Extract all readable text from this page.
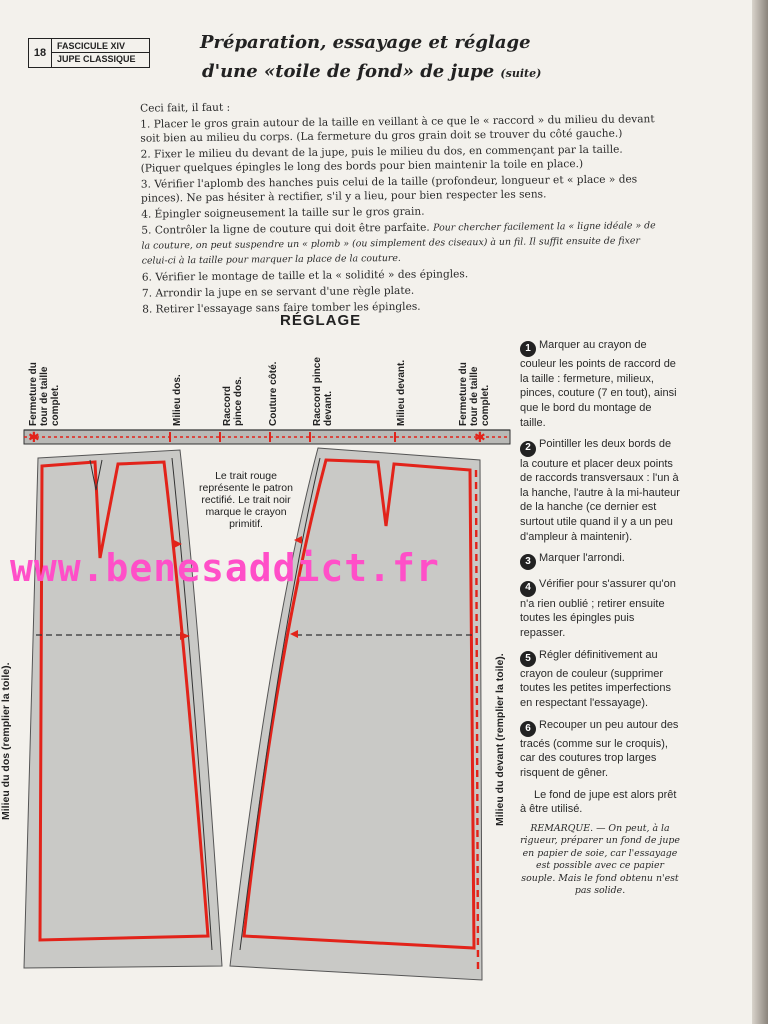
18
FASCICULE XIV
JUPE CLASSIQUE
Préparation, essayage et réglage
d'une «toile de fond» de jupe (suite)

Ceci fait, il faut :

1. Placer le gros grain autour de la taille en veillant à ce que le « raccord » du milieu du devant soit bien au milieu du corps. (La fermeture du gros grain doit se trouver du côté gauche.)

2. Fixer le milieu du devant de la jupe, puis le milieu du dos, en commençant par la taille. (Piquer quelques épingles le long des bords pour bien maintenir la toile en place.)

3. Vérifier l'aplomb des hanches puis celui de la taille (profondeur, longueur et « place » des pinces). Ne pas hésiter à rectifier, s'il y a lieu, pour bien respecter les sens.

4. Épingler soigneusement la taille sur le gros grain.

5. Contrôler la ligne de couture qui doit être parfaite. Pour chercher facilement la « ligne idéale » de la couture, on peut suspendre un « plomb » (ou simplement des ciseaux) à un fil. Il suffit ensuite de fixer celui-ci à la taille pour marquer la place de la couture.

6. Vérifier le montage de taille et la « solidité » des épingles.

7. Arrondir la jupe en se servant d'une règle plate.

8. Retirer l'essayage sans faire tomber les épingles.

RÉGLAGE
✱	✱
Fermeture du tour de taille complet.	Milieu dos.	Raccord pince dos. Couture côté.	Raccord pince devant.	Milieu devant.	Fermeture du tour de taille complet.
Milieu du dos (remplier la toile).	Milieu du devant (remplier la toile).
Le trait rouge représente le patron rectifié. Le trait noir marque le crayon primitif.
1 Marquer au crayon de couleur les points de raccord de la taille : fermeture, milieux, pinces, couture (7 en tout), ainsi que le bord du montage de taille.
2 Pointiller les deux bords de la couture et placer deux points de raccords transversaux : l'un à la hanche, l'autre à la mi-hauteur de la hanche (ce dernier est surtout utile quand il y a un peu d'ampleur à maintenir).
3 Marquer l'arrondi.
4 Vérifier pour s'assurer qu'on n'a rien oublié ; retirer ensuite toutes les épingles puis repasser.
5 Régler définitivement au crayon de couleur (supprimer toutes les petites imperfections en respectant l'essayage).
6 Recouper un peu autour des tracés (comme sur le croquis), car des coutures trop larges risquent de gêner.

Le fond de jupe est alors prêt à être utilisé.

REMARQUE. — On peut, à la rigueur, préparer un fond de jupe en papier de soie, car l'essayage est possible avec ce papier souple. Mais le fond obtenu n'est pas solide.
www.benesaddict.fr
